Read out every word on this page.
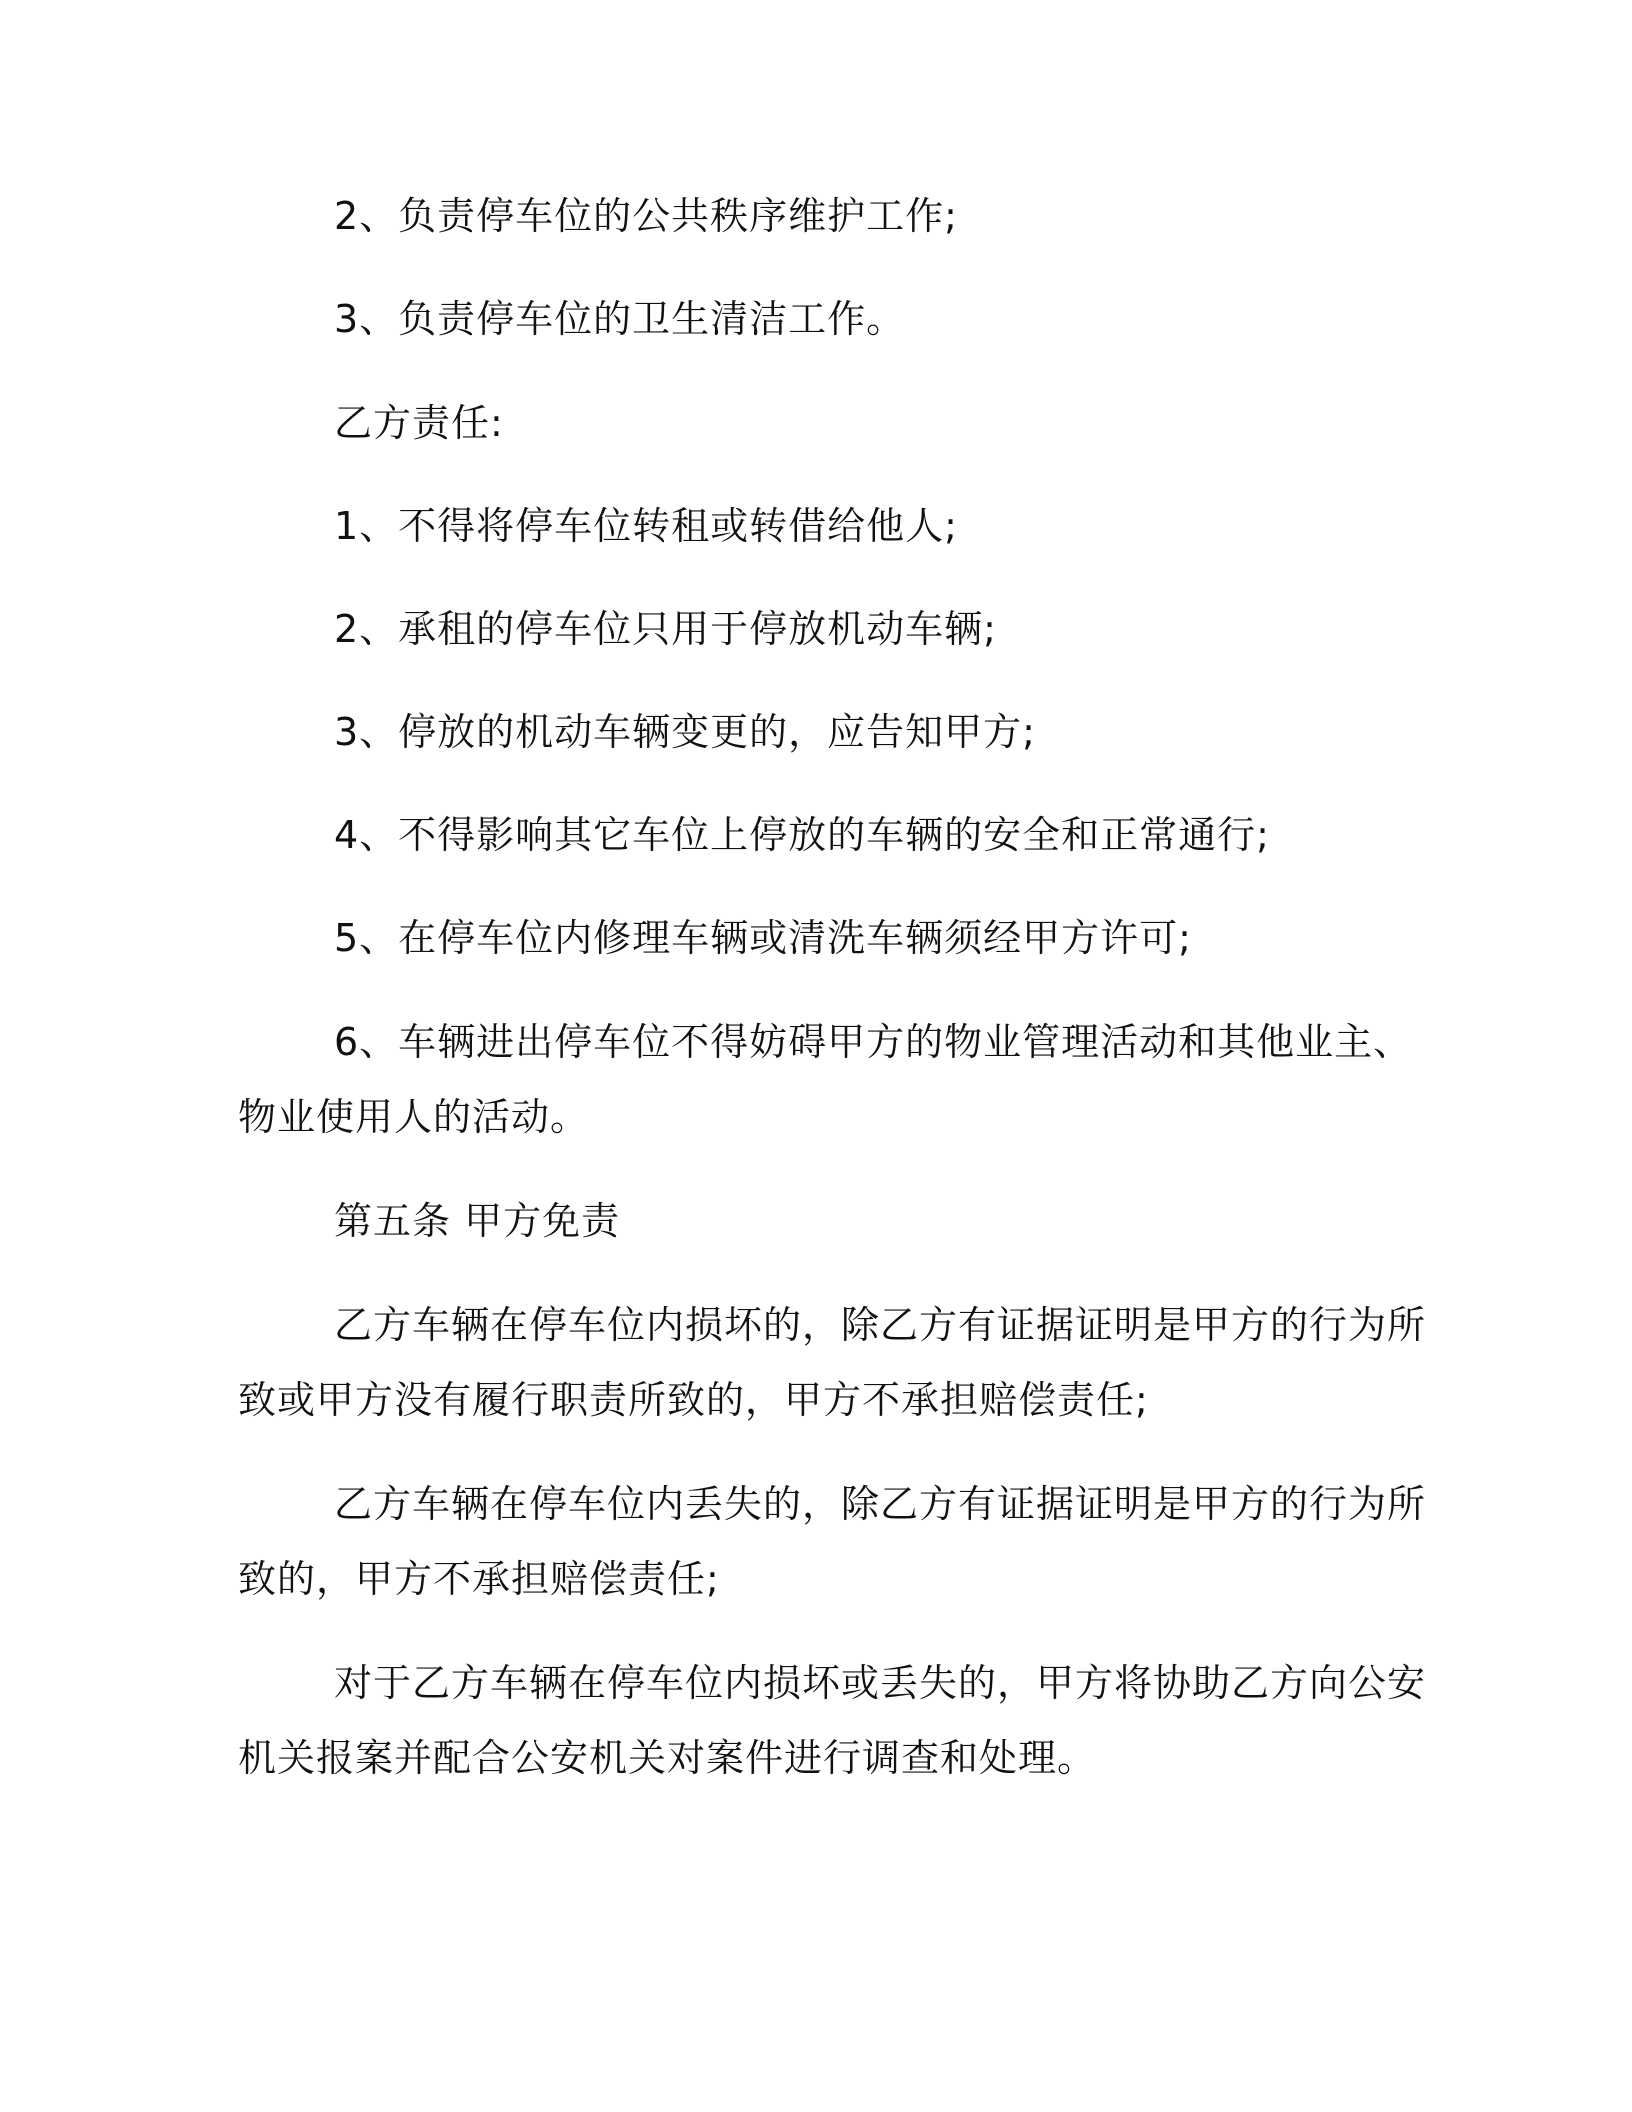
2、负责停车位的公共秩序维护工作;
3、负责停车位的卫生清洁工作。
乙方责任:
1、不得将停车位转租或转借给他人;
2、承租的停车位只用于停放机动车辆;
3、停放的机动车辆变更的，应告知甲方;
4、不得影响其它车位上停放的车辆的安全和正常通行;
5、在停车位内修理车辆或清洗车辆须经甲方许可;
6、车辆进出停车位不得妨碍甲方的物业管理活动和其他业主、
物业使用人的活动。
第五条 甲方免责
乙方车辆在停车位内损坏的，除乙方有证据证明是甲方的行为所
致或甲方没有履行职责所致的，甲方不承担赔偿责任;
乙方车辆在停车位内丢失的，除乙方有证据证明是甲方的行为所
致的，甲方不承担赔偿责任;
对于乙方车辆在停车位内损坏或丢失的，甲方将协助乙方向公安
机关报案并配合公安机关对案件进行调查和处理。
